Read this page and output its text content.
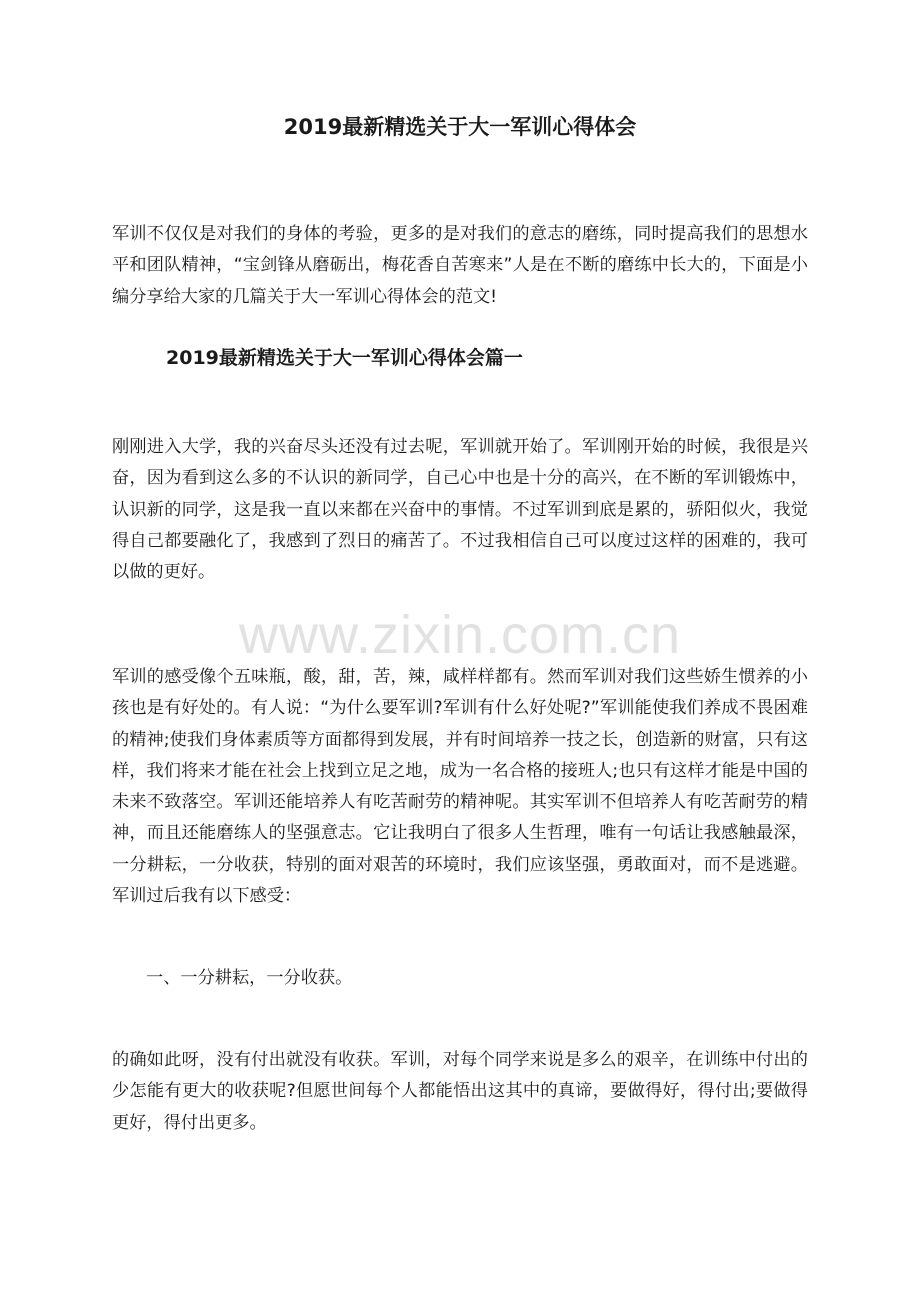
2019最新精选关于大一军训心得体会

军训不仅仅是对我们的身体的考验，更多的是对我们的意志的磨练，同时提高我们的思想水平和团队精神，“宝剑锋从磨砺出，梅花香自苦寒来”人是在不断的磨练中长大的，下面是小编分享给大家的几篇关于大一军训心得体会的范文!

2019最新精选关于大一军训心得体会篇一

刚刚进入大学，我的兴奋尽头还没有过去呢，军训就开始了。军训刚开始的时候，我很是兴奋，因为看到这么多的不认识的新同学，自己心中也是十分的高兴，在不断的军训锻炼中，认识新的同学，这是我一直以来都在兴奋中的事情。不过军训到底是累的，骄阳似火，我觉得自己都要融化了，我感到了烈日的痛苦了。不过我相信自己可以度过这样的困难的，我可以做的更好。

www.zixin.com.cn

军训的感受像个五味瓶，酸，甜，苦，辣，咸样样都有。然而军训对我们这些娇生惯养的小孩也是有好处的。有人说：“为什么要军训?军训有什么好处呢?”军训能使我们养成不畏困难的精神;使我们身体素质等方面都得到发展，并有时间培养一技之长，创造新的财富，只有这样，我们将来才能在社会上找到立足之地，成为一名合格的接班人;也只有这样才能是中国的未来不致落空。军训还能培养人有吃苦耐劳的精神呢。其实军训不但培养人有吃苦耐劳的精神，而且还能磨练人的坚强意志。它让我明白了很多人生哲理，唯有一句话让我感触最深，一分耕耘，一分收获，特别的面对艰苦的环境时，我们应该坚强，勇敢面对，而不是逃避。军训过后我有以下感受：

一、一分耕耘，一分收获。

的确如此呀，没有付出就没有收获。军训，对每个同学来说是多么的艰辛，在训练中付出的少怎能有更大的收获呢?但愿世间每个人都能悟出这其中的真谛，要做得好，得付出;要做得更好，得付出更多。
